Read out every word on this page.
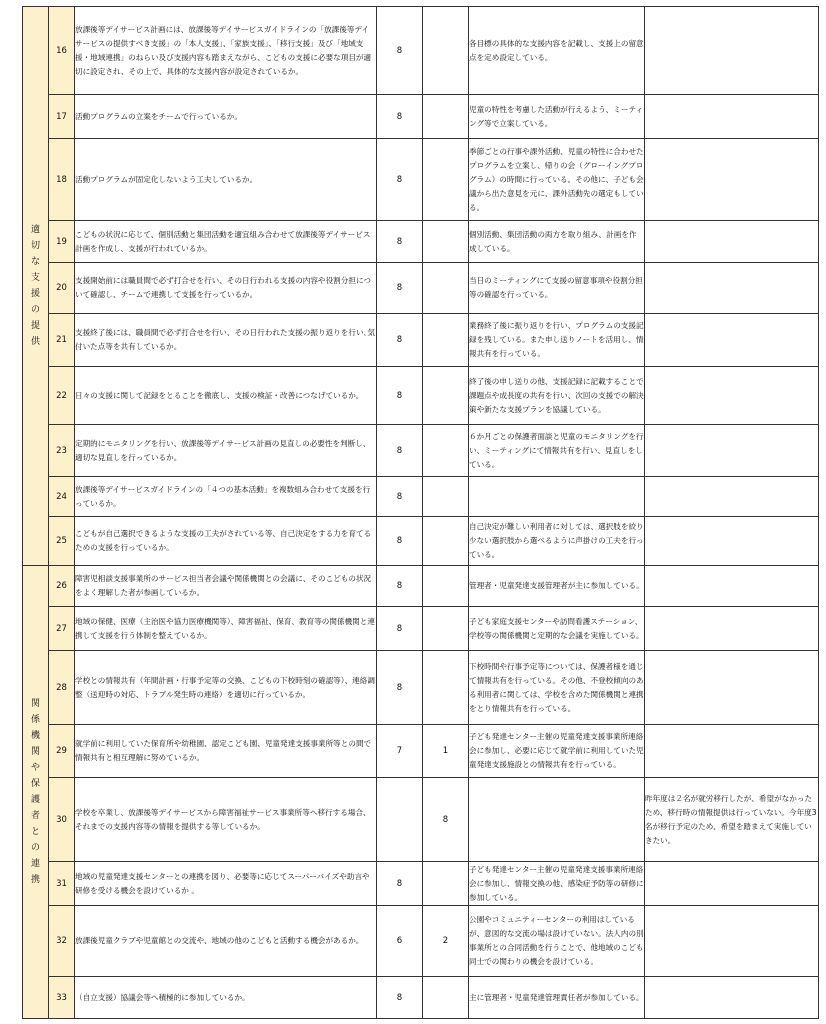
適切な支援の提供	16	放課後等デイサービス計画には、放課後等デイサービスガイドラインの「放課後等デイサービスの提供すべき支援」の「本人支援」、「家族支援」、「移行支援」及び「地域支援・地域連携」のねらい及び支援内容も踏まえながら、こどもの支援に必要な項目が適切に設定され、その上で、具体的な支援内容が設定されているか。	8		各目標の具体的な支援内容を記載し、支援上の留意点を定め設定している。	
	17	活動プログラムの立案をチームで行っているか。	8		児童の特性を考慮した活動が行えるよう、ミーティング等で立案している。	
	18	活動プログラムが固定化しないよう工夫しているか。	8		季節ごとの行事や課外活動、児童の特性に合わせたプログラムを立案し、帰りの会（グローイングプログラム）の時間に行っている。その他に、子ども会議から出た意見を元に、課外活動先の選定もしている。	
	19	こどもの状況に応じて、個別活動と集団活動を適宜組み合わせて放課後等デイサービス計画を作成し、支援が行われているか。	8		個別活動、集団活動の両方を取り組み、計画を作成している。	
	20	支援開始前には職員間で必ず打合せを行い、その日行われる支援の内容や役割分担について確認し、チームで連携して支援を行っているか。	8		当日のミーティングにて支援の留意事項や役割分担等の確認を行っている。	
	21	支援終了後には、職員間で必ず打合せを行い、その日行われた支援の振り返りを行い､気付いた点等を共有しているか。	8		業務終了後に振り返りを行い、プログラムの支援記録を残している。また申し送りノートを活用し、情報共有を行っている。	
	22	日々の支援に関して記録をとることを徹底し、支援の検証・改善につなげているか。	8		終了後の申し送りの他、支援記録に記載することで課題点や成長度の共有を行い、次回の支援での解決策や新たな支援プランを協議している。	
	23	定期的にモニタリングを行い、放課後等デイサービス計画の見直しの必要性を判断し、適切な見直しを行っているか。	8		６か月ごとの保護者面談と児童のモニタリングを行い、ミーティングにて情報共有を行い、見直しをしている。	
	24	放課後等デイサービスガイドラインの「４つの基本活動」を複数組み合わせて支援を行っているか。	8			
	25	こどもが自己選択できるような支援の工夫がされている等、自己決定をする力を育てるための支援を行っているか。	8		自己決定が難しい利用者に対しては、選択肢を絞り少ない選択肢から選べるように声掛けの工夫を行っている。	
関係機関や保護者との連携	26	障害児相談支援事業所のサービス担当者会議や関係機関との会議に、そのこどもの状況をよく理解した者が参画しているか。	8		管理者・児童発達支援管理者が主に参加している。	
	27	地域の保健、医療（主治医や協力医療機関等）、障害福祉、保育、教育等の関係機関と連携して支援を行う体制を整えているか。	8		子ども家庭支援センターや訪問看護ステーション、学校等の関係機関と定期的な会議を実施している。	
	28	学校との情報共有（年間計画・行事予定等の交換、こどもの下校時刻の確認等）、連絡調整（送迎時の対応、トラブル発生時の連絡）を適切に行っているか。	8		下校時間や行事予定等については、保護者様を通じて情報共有を行っている。その他、不登校傾向のある利用者に関しては、学校を含めた関係機関と連携をとり情報共有を行っている。	
	29	就学前に利用していた保育所や幼稚園、認定こども園、児童発達支援事業所等との間で情報共有と相互理解に努めているか。	7	1	子ども発達センター主催の児童発達支援事業所連絡会に参加し、必要に応じて就学前に利用していた児童発達支援施設との情報共有を行っている。	
	30	学校を卒業し、放課後等デイサービスから障害福祉サービス事業所等へ移行する場合、それまでの支援内容等の情報を提供する等しているか。		8		昨年度は２名が就労移行したが、希望がなかったため、移行時の情報提供は行っていない。今年度3名が移行予定のため、希望を踏まえて実施していきたい。
	31	地域の児童発達支援センターとの連携を図り、必要等に応じてスーパーバイズや助言や研修を受ける機会を設けているか 。	8		子ども発達センター主催の児童発達支援事業所連絡会に参加し、情報交換の他、感染症予防等の研修に参加している。	
	32	放課後児童クラブや児童館との交流や、地域の他のこどもと活動する機会があるか。	6	2	公園やコミュニティーセンターの利用はしているが、意図的な交流の場は設けていない。法人内の別事業所との合同活動を行うことで、他地域のこども同士での関わりの機会を設けている。	
	33	（自立支援）協議会等へ積極的に参加しているか。	8		主に管理者・児童発達管理責任者が参加している。	
